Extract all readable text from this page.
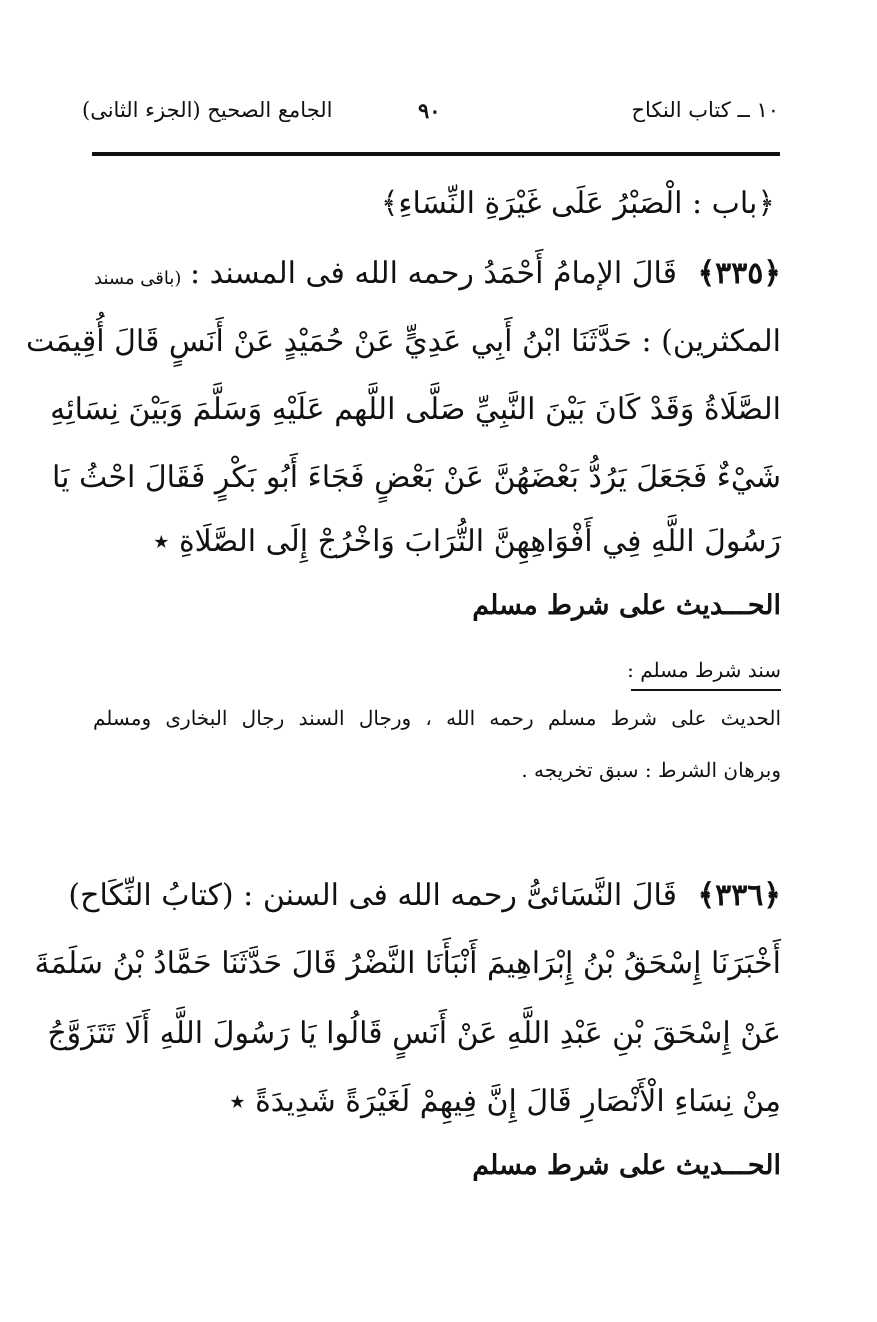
١٠ ــ كتاب النكاح
٩٠
الجامع الصحيح (الجزء الثانى)
﴿باب : الْصَبْرُ عَلَى غَيْرَةِ النِّسَاءِ﴾
﴿٣٣٥﴾
قَالَ الإمامُ أَحْمَدُ رحمه الله فى المسند :
(باقى مسند
المكثرين) : حَدَّثَنَا ابْنُ أَبِي عَدِيٍّ عَنْ حُمَيْدٍ عَنْ أَنَسٍ قَالَ أُقِيمَت
الصَّلَاةُ وَقَدْ كَانَ بَيْنَ النَّبِيِّ صَلَّى اللَّهم عَلَيْهِ وَسَلَّمَ وَبَيْنَ نِسَائِهِ
شَيْءٌ فَجَعَلَ يَرُدُّ بَعْضَهُنَّ عَنْ بَعْضٍ فَجَاءَ أَبُو بَكْرٍ فَقَالَ احْثُ يَا
رَسُولَ اللَّهِ فِي أَفْوَاهِهِنَّ التُّرَابَ وَاخْرُجْ إِلَى الصَّلَاةِ ٭
الحـــديث على شرط مسلم
سند شرط مسلم :
الحديث على شرط مسلم رحمه الله ، ورجال السند رجال البخارى ومسلم
وبرهان الشرط : سبق تخريجه .
﴿٣٣٦﴾
قَالَ النَّسَائىُّ رحمه الله فى السنن : (كتابُ النِّكَاح)
أَخْبَرَنَا إِسْحَقُ بْنُ إِبْرَاهِيمَ أَنْبَأَنَا النَّضْرُ قَالَ حَدَّثَنَا حَمَّادُ بْنُ سَلَمَةَ
عَنْ إِسْحَقَ بْنِ عَبْدِ اللَّهِ عَنْ أَنَسٍ قَالُوا يَا رَسُولَ اللَّهِ أَلَا تَتَزَوَّجُ
مِنْ نِسَاءِ الْأَنْصَارِ قَالَ إِنَّ فِيهِمْ لَغَيْرَةً شَدِيدَةً ٭
الحـــديث على شرط مسلم
